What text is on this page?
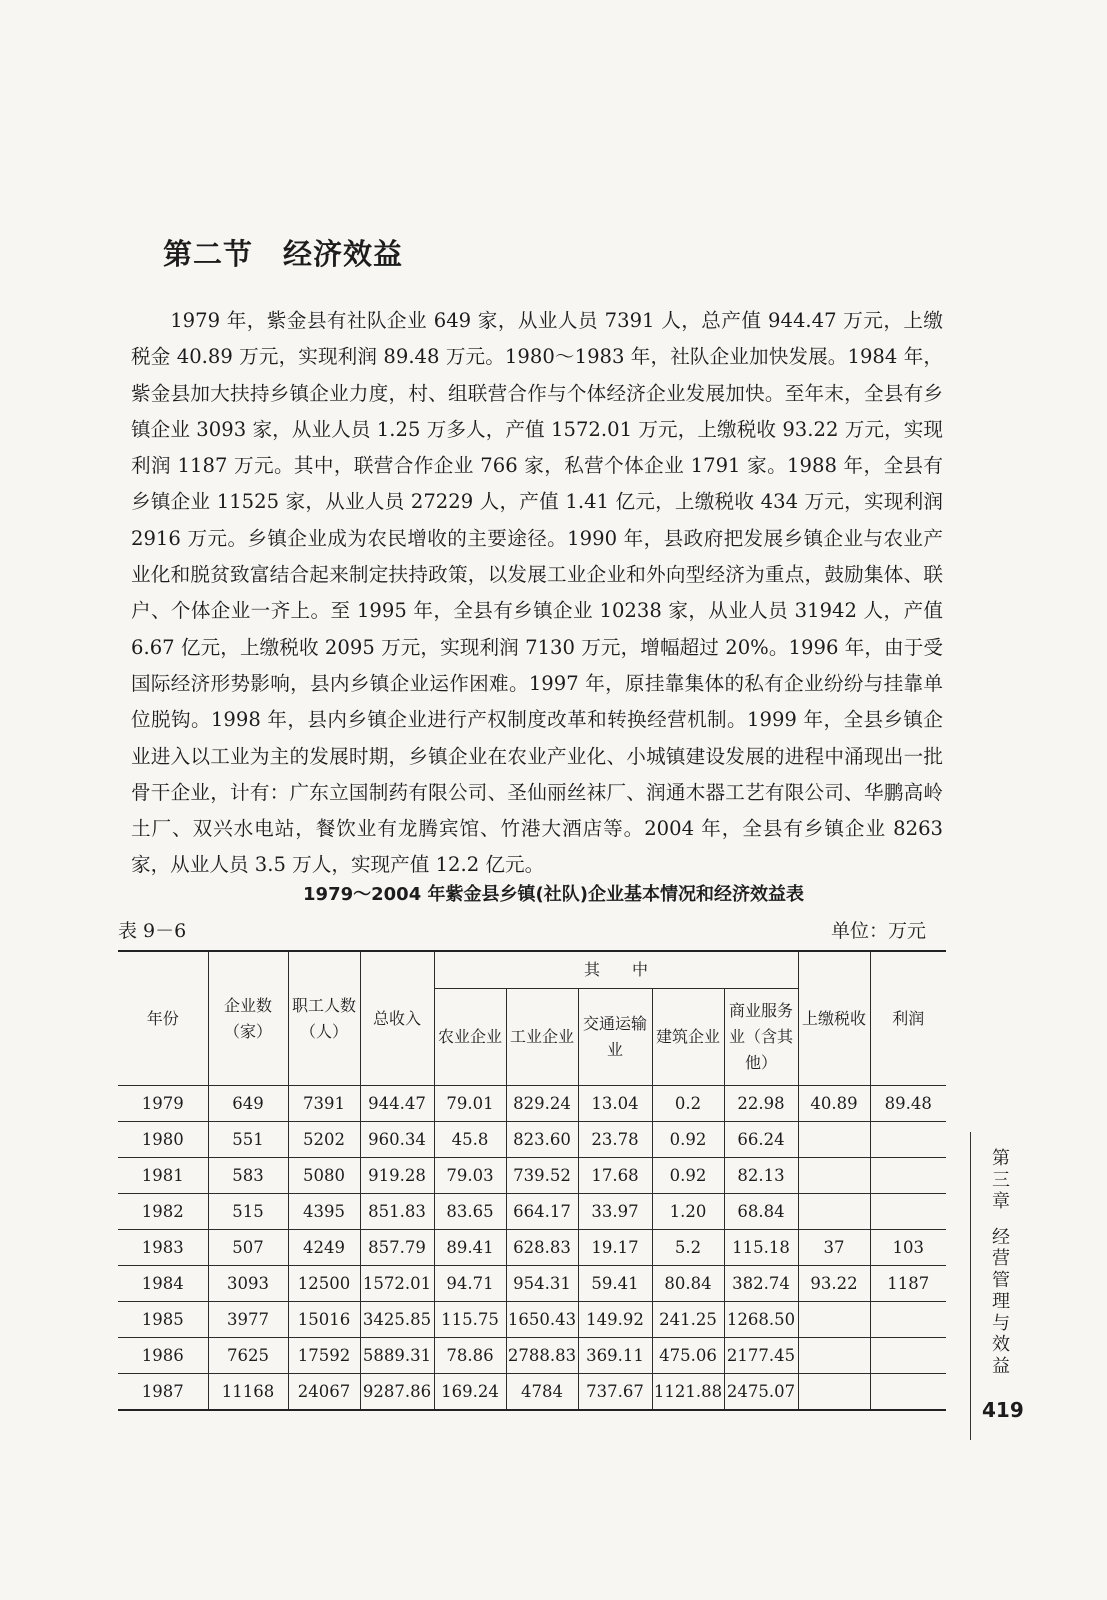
第二节 经济效益

1979 年，紫金县有社队企业 649 家，从业人员 7391 人，总产值 944.47 万元，上缴税金 40.89 万元，实现利润 89.48 万元。1980～1983 年，社队企业加快发展。1984 年，紫金县加大扶持乡镇企业力度，村、组联营合作与个体经济企业发展加快。至年末，全县有乡镇企业 3093 家，从业人员 1.25 万多人，产值 1572.01 万元，上缴税收 93.22 万元，实现利润 1187 万元。其中，联营合作企业 766 家，私营个体企业 1791 家。1988 年，全县有乡镇企业 11525 家，从业人员 27229 人，产值 1.41 亿元，上缴税收 434 万元，实现利润 2916 万元。乡镇企业成为农民增收的主要途径。1990 年，县政府把发展乡镇企业与农业产业化和脱贫致富结合起来制定扶持政策，以发展工业企业和外向型经济为重点，鼓励集体、联户、个体企业一齐上。至 1995 年，全县有乡镇企业 10238 家，从业人员 31942 人，产值 6.67 亿元，上缴税收 2095 万元，实现利润 7130 万元，增幅超过 20%。1996 年，由于受国际经济形势影响，县内乡镇企业运作困难。1997 年，原挂靠集体的私有企业纷纷与挂靠单位脱钩。1998 年，县内乡镇企业进行产权制度改革和转换经营机制。1999 年，全县乡镇企业进入以工业为主的发展时期，乡镇企业在农业产业化、小城镇建设发展的进程中涌现出一批骨干企业，计有：广东立国制药有限公司、圣仙丽丝袜厂、润通木器工艺有限公司、华鹏高岭土厂、双兴水电站，餐饮业有龙腾宾馆、竹港大酒店等。2004 年，全县有乡镇企业 8263 家，从业人员 3.5 万人，实现产值 12.2 亿元。

1979～2004 年紫金县乡镇(社队)企业基本情况和经济效益表

表 9－6	单位：万元
年份	企业数（家）	职工人数（人）	总收入	其　　中					上缴税收	利润
				农业企业	工业企业	交通运输业	建筑企业	商业服务业（含其他）		
1979	649	7391	944.47	79.01	829.24	13.04	0.2	22.98	40.89	89.48
1980	551	5202	960.34	45.8	823.60	23.78	0.92	66.24		
1981	583	5080	919.28	79.03	739.52	17.68	0.92	82.13		
1982	515	4395	851.83	83.65	664.17	33.97	1.20	68.84		
1983	507	4249	857.79	89.41	628.83	19.17	5.2	115.18	37	103
1984	3093	12500	1572.01	94.71	954.31	59.41	80.84	382.74	93.22	1187
1985	3977	15016	3425.85	115.75	1650.43	149.92	241.25	1268.50		
1986	7625	17592	5889.31	78.86	2788.83	369.11	475.06	2177.45		
1987	11168	24067	9287.86	169.24	4784	737.67	1121.88	2475.07		
第
三
章
经
营
管
理
与
效
益
419
